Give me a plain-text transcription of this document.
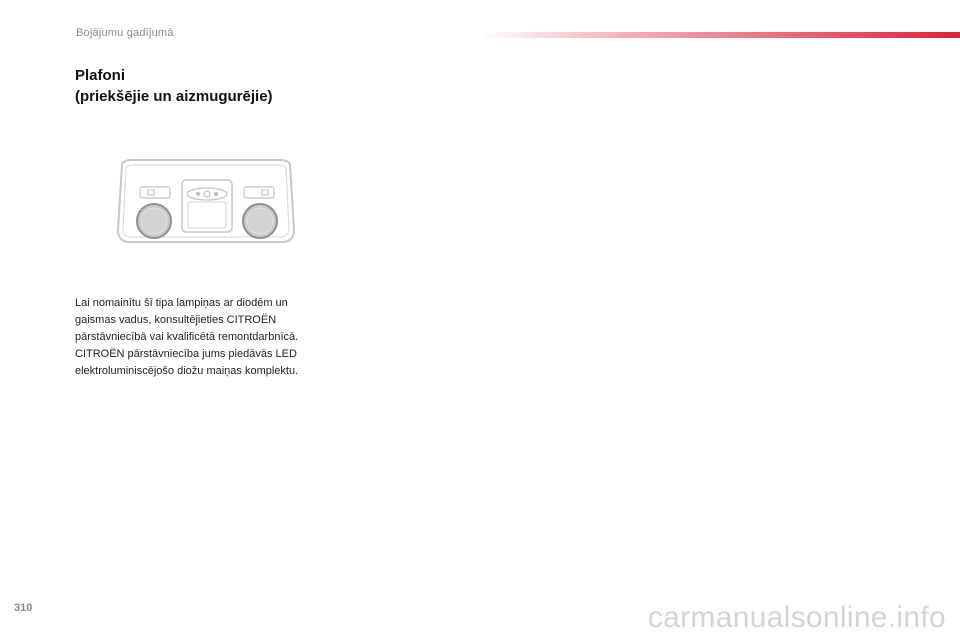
Bojājumu gadījumā
Plafoni
(priekšējie un aizmugurējie)
Lai nomainītu šī tipa lampiņas ar diodēm un
gaismas vadus, konsultējieties CITROËN
pārstāvniecībā vai kvalificētā remontdarbnīcā.
CITROËN pārstāvniecība jums piedāvās LED
elektroluminiscējošo diožu maiņas komplektu.
310	carmanualsonline.info
